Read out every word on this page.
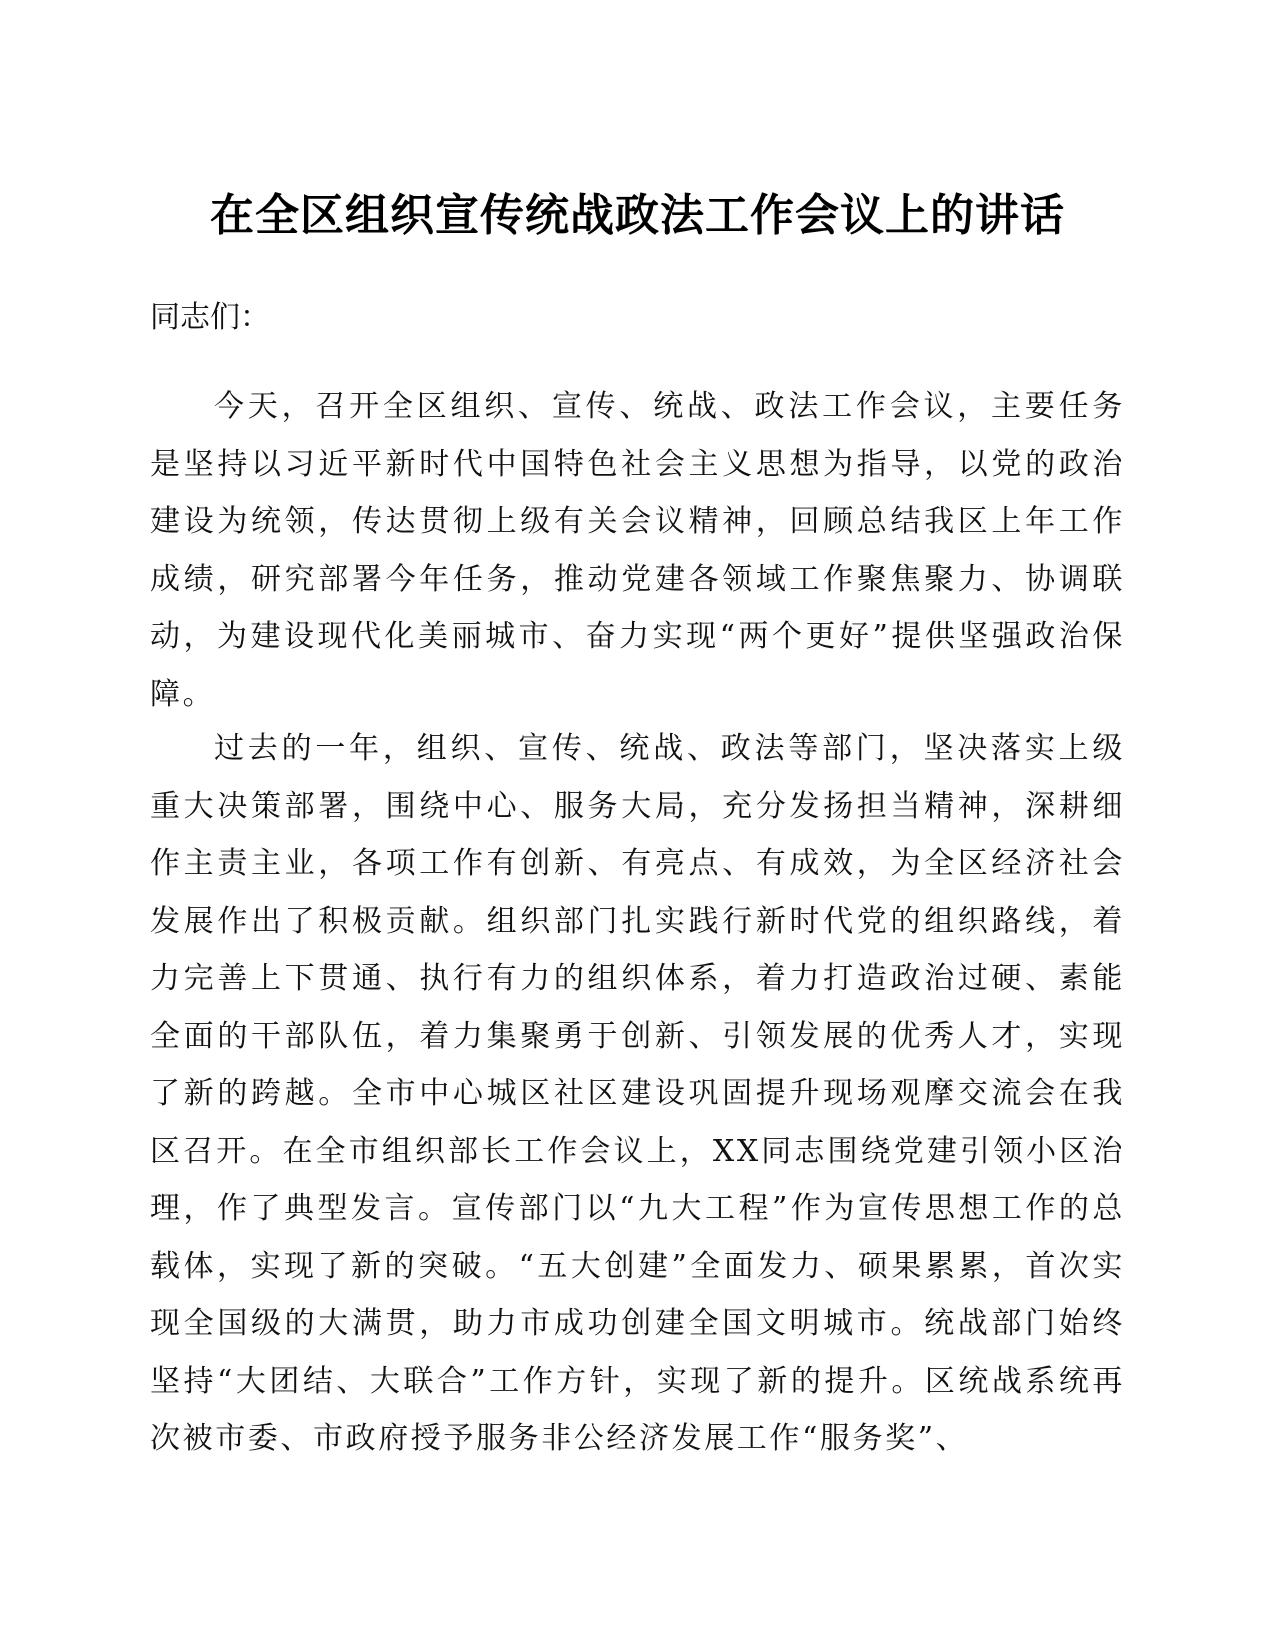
在全区组织宣传统战政法工作会议上的讲话

同志们：

今天，召开全区组织、宣传、统战、政法工作会议，主要任务是坚持以习近平新时代中国特色社会主义思想为指导，以党的政治建设为统领，传达贯彻上级有关会议精神，回顾总结我区上年工作成绩，研究部署今年任务，推动党建各领域工作聚焦聚力、协调联动，为建设现代化美丽城市、奋力实现“两个更好”提供坚强政治保障。

过去的一年，组织、宣传、统战、政法等部门，坚决落实上级重大决策部署，围绕中心、服务大局，充分发扬担当精神，深耕细作主责主业，各项工作有创新、有亮点、有成效，为全区经济社会发展作出了积极贡献。组织部门扎实践行新时代党的组织路线，着力完善上下贯通、执行有力的组织体系，着力打造政治过硬、素能全面的干部队伍，着力集聚勇于创新、引领发展的优秀人才，实现了新的跨越。全市中心城区社区建设巩固提升现场观摩交流会在我区召开。在全市组织部长工作会议上，XX同志围绕党建引领小区治理，作了典型发言。宣传部门以“九大工程”作为宣传思想工作的总载体，实现了新的突破。“五大创建”全面发力、硕果累累，首次实现全国级的大满贯，助力市成功创建全国文明城市。统战部门始终坚持“大团结、大联合”工作方针，实现了新的提升。区统战系统再次被市委、市政府授予服务非公经济发展工作“服务奖”、
